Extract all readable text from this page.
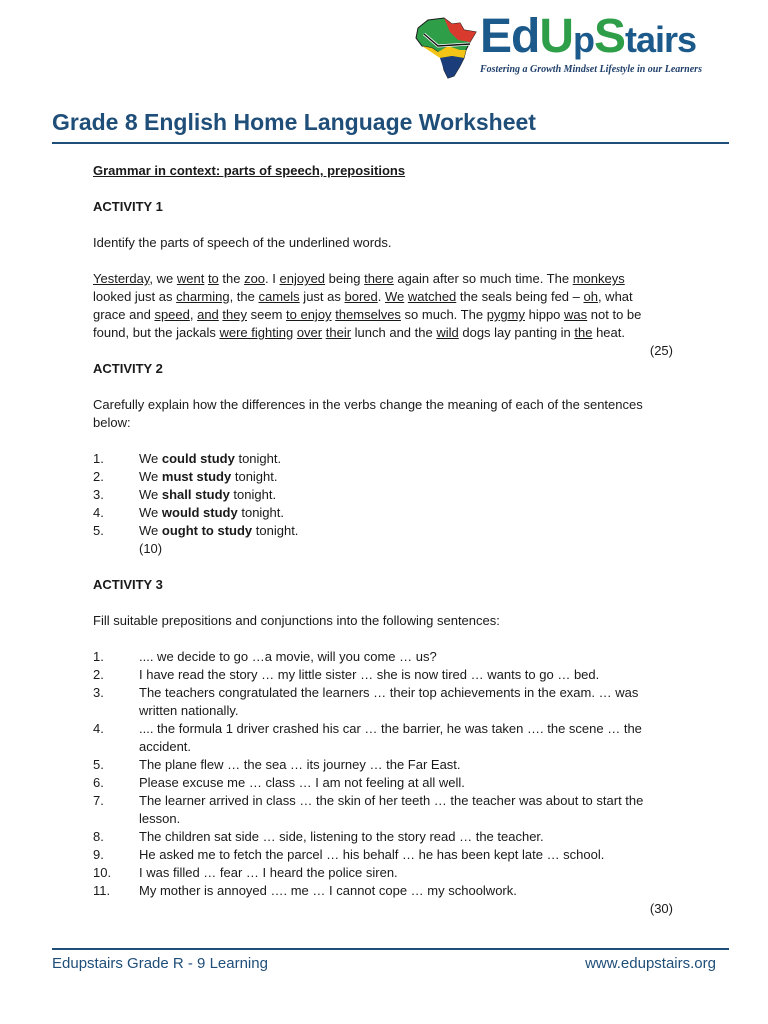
EdUpStairs
Fostering a Growth Mindset Lifestyle in our Learners
Grade 8 English Home Language Worksheet

Grammar in context: parts of speech, prepositions

ACTIVITY 1

Identify the parts of speech of the underlined words.

Yesterday, we went to the zoo. I enjoyed being there again after so much time. The monkeys looked just as charming, the camels just as bored. We watched the seals being fed – oh, what grace and speed, and they seem to enjoy themselves so much. The pygmy hippo was not to be found, but the jackals were fighting over their lunch and the wild dogs lay panting in the heat.

(25)

ACTIVITY 2

Carefully explain how the differences in the verbs change the meaning of each of the sentences below:

1.	We could study tonight.
2.	We must study tonight.
3.	We shall study tonight.
4.	We would study tonight.
5.	We ought to study tonight.
(10)

ACTIVITY 3

Fill suitable prepositions and conjunctions into the following sentences:

1.	.... we decide to go …a movie, will you come … us?
2.	I have read the story … my little sister … she is now tired … wants to go … bed.
3.	The teachers congratulated the learners … their top achievements in the exam. … was written nationally.
4.	.... the formula 1 driver crashed his car … the barrier, he was taken …. the scene … the accident.
5.	The plane flew … the sea … its journey … the Far East.
6.	Please excuse me … class … I am not feeling at all well.
7.	The learner arrived in class … the skin of her teeth … the teacher was about to start the lesson.
8.	The children sat side … side, listening to the story read … the teacher.
9.	He asked me to fetch the parcel … his behalf … he has been kept late … school.
10. I was filled … fear … I heard the police siren.
11. My mother is annoyed …. me … I cannot cope … my schoolwork.
(30)
Edupstairs Grade R - 9 Learning	www.edupstairs.org
